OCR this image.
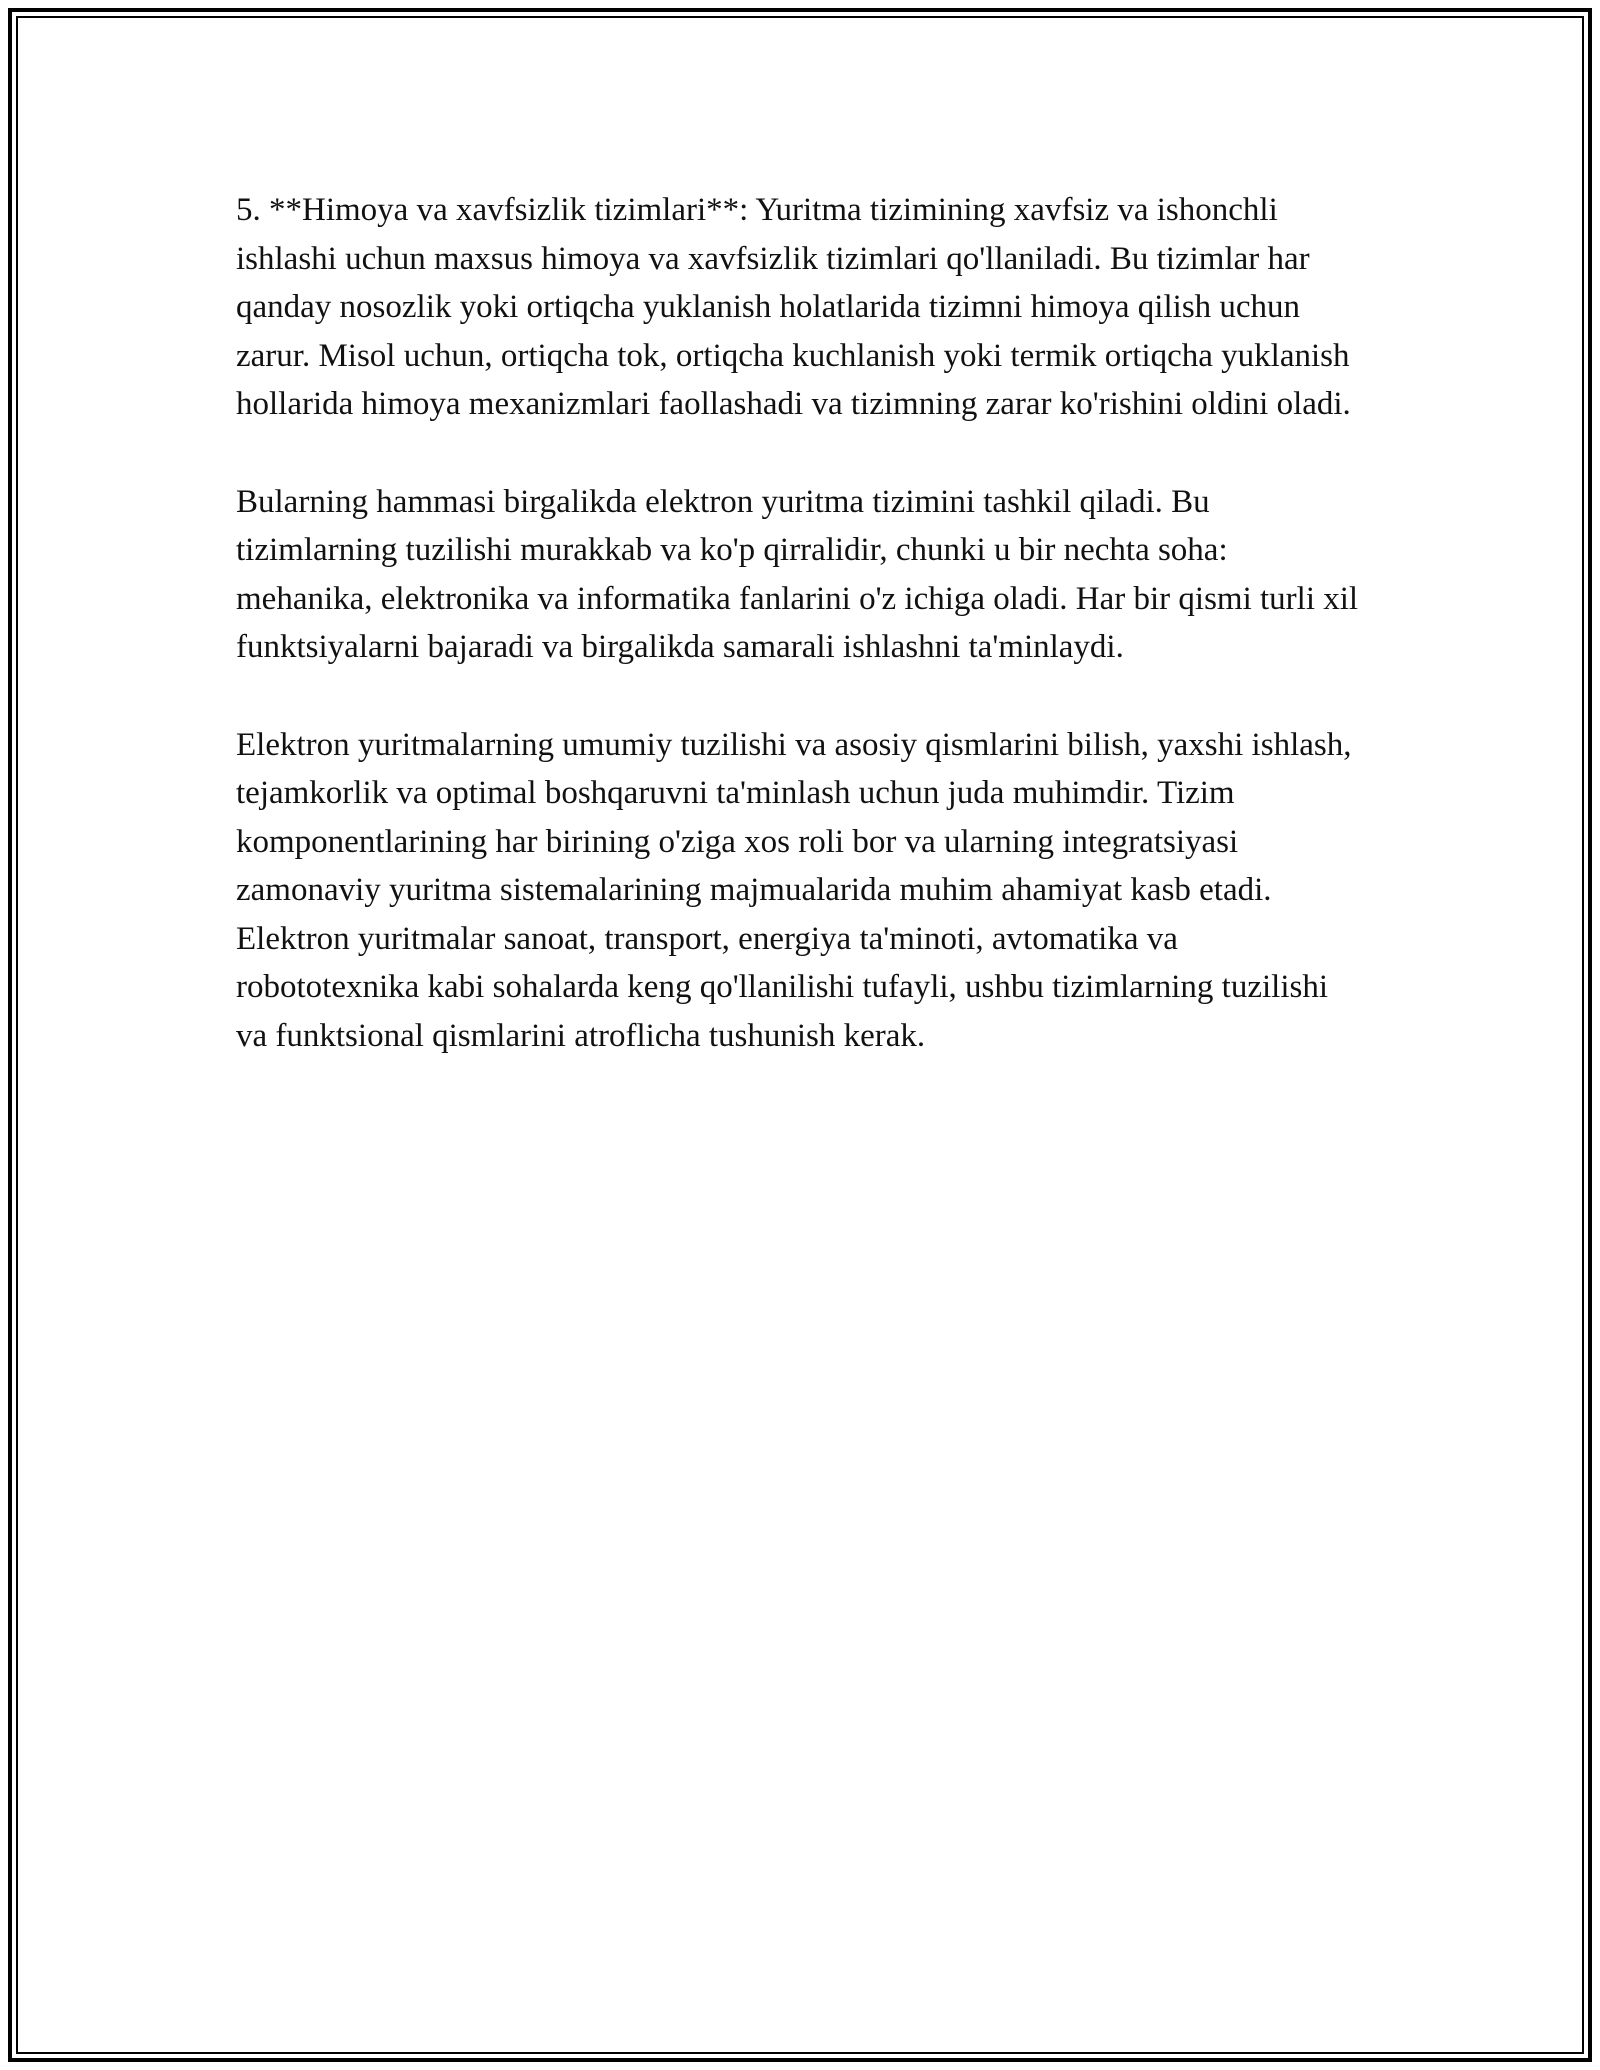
5. **Himoya va xavfsizlik tizimlari**: Yuritma tizimining xavfsiz va ishonchli ishlashi uchun maxsus himoya va xavfsizlik tizimlari qo'llaniladi. Bu tizimlar har qanday nosozlik yoki ortiqcha yuklanish holatlarida tizimni himoya qilish uchun zarur. Misol uchun, ortiqcha tok, ortiqcha kuchlanish yoki termik ortiqcha yuklanish hollarida himoya mexanizmlari faollashadi va tizimning zarar ko'rishini oldini oladi.

Bularning hammasi birgalikda elektron yuritma tizimini tashkil qiladi. Bu tizimlarning tuzilishi murakkab va ko'p qirralidir, chunki u bir nechta soha: mehanika, elektronika va informatika fanlarini o'z ichiga oladi. Har bir qismi turli xil funktsiyalarni bajaradi va birgalikda samarali ishlashni ta'minlaydi.

Elektron yuritmalarning umumiy tuzilishi va asosiy qismlarini bilish, yaxshi ishlash, tejamkorlik va optimal boshqaruvni ta'minlash uchun juda muhimdir. Tizim komponentlarining har birining o'ziga xos roli bor va ularning integratsiyasi zamonaviy yuritma sistemalarining majmualarida muhim ahamiyat kasb etadi. Elektron yuritmalar sanoat, transport, energiya ta'minoti, avtomatika va robototexnika kabi sohalarda keng qo'llanilishi tufayli, ushbu tizimlarning tuzilishi va funktsional qismlarini atroflicha tushunish kerak.
